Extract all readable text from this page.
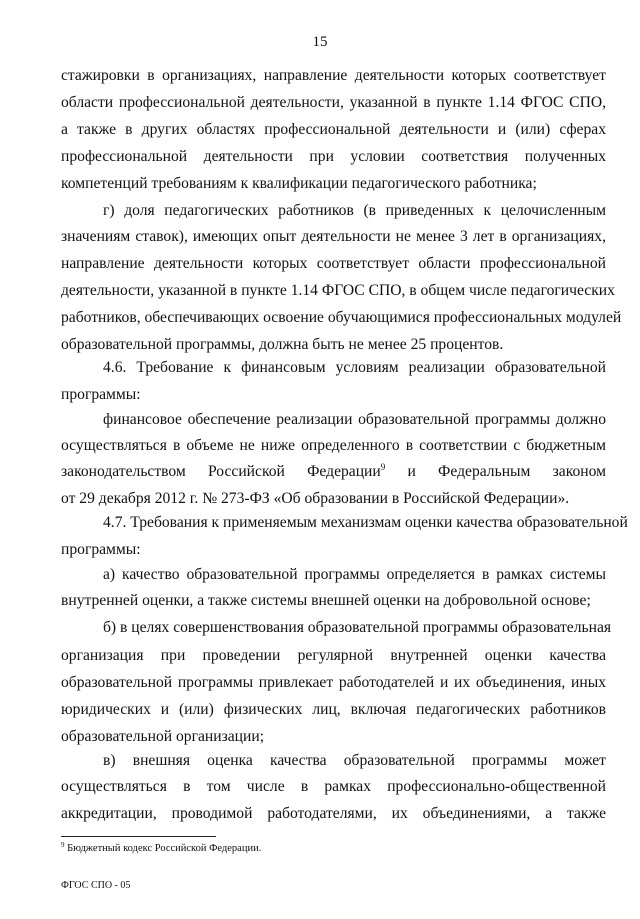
15
стажировки в организациях, направление деятельности которых соответствует
области профессиональной деятельности, указанной в пункте 1.14 ФГОС СПО,
а также в других областях профессиональной деятельности и (или) сферах
профессиональной деятельности при условии соответствия полученных
компетенций требованиям к квалификации педагогического работника;
г) доля педагогических работников (в приведенных к целочисленным
значениям ставок), имеющих опыт деятельности не менее 3 лет в организациях,
направление деятельности которых соответствует области профессиональной
деятельности, указанной в пункте 1.14 ФГОС СПО, в общем числе педагогических
работников, обеспечивающих освоение обучающимися профессиональных модулей
образовательной программы, должна быть не менее 25 процентов.
4.6. Требование к финансовым условиям реализации образовательной
программы:
финансовое обеспечение реализации образовательной программы должно
осуществляться в объеме не ниже определенного в соответствии с бюджетным
законодательством Российской Федерации$^9$ и Федеральным законом
от 29 декабря 2012 г. № 273-ФЗ «Об образовании в Российской Федерации».
4.7. Требования к применяемым механизмам оценки качества образовательной
программы:
а) качество образовательной программы определяется в рамках системы
внутренней оценки, а также системы внешней оценки на добровольной основе;
б) в целях совершенствования образовательной программы образовательная
организация при проведении регулярной внутренней оценки качества
образовательной программы привлекает работодателей и их объединения, иных
юридических и (или) физических лиц, включая педагогических работников
образовательной организации;
в) внешняя оценка качества образовательной программы может
осуществляться в том числе в рамках профессионально-общественной
аккредитации, проводимой работодателями, их объединениями, а также
$^9$ Бюджетный кодекс Российской Федерации.
ФГОС СПО - 05
